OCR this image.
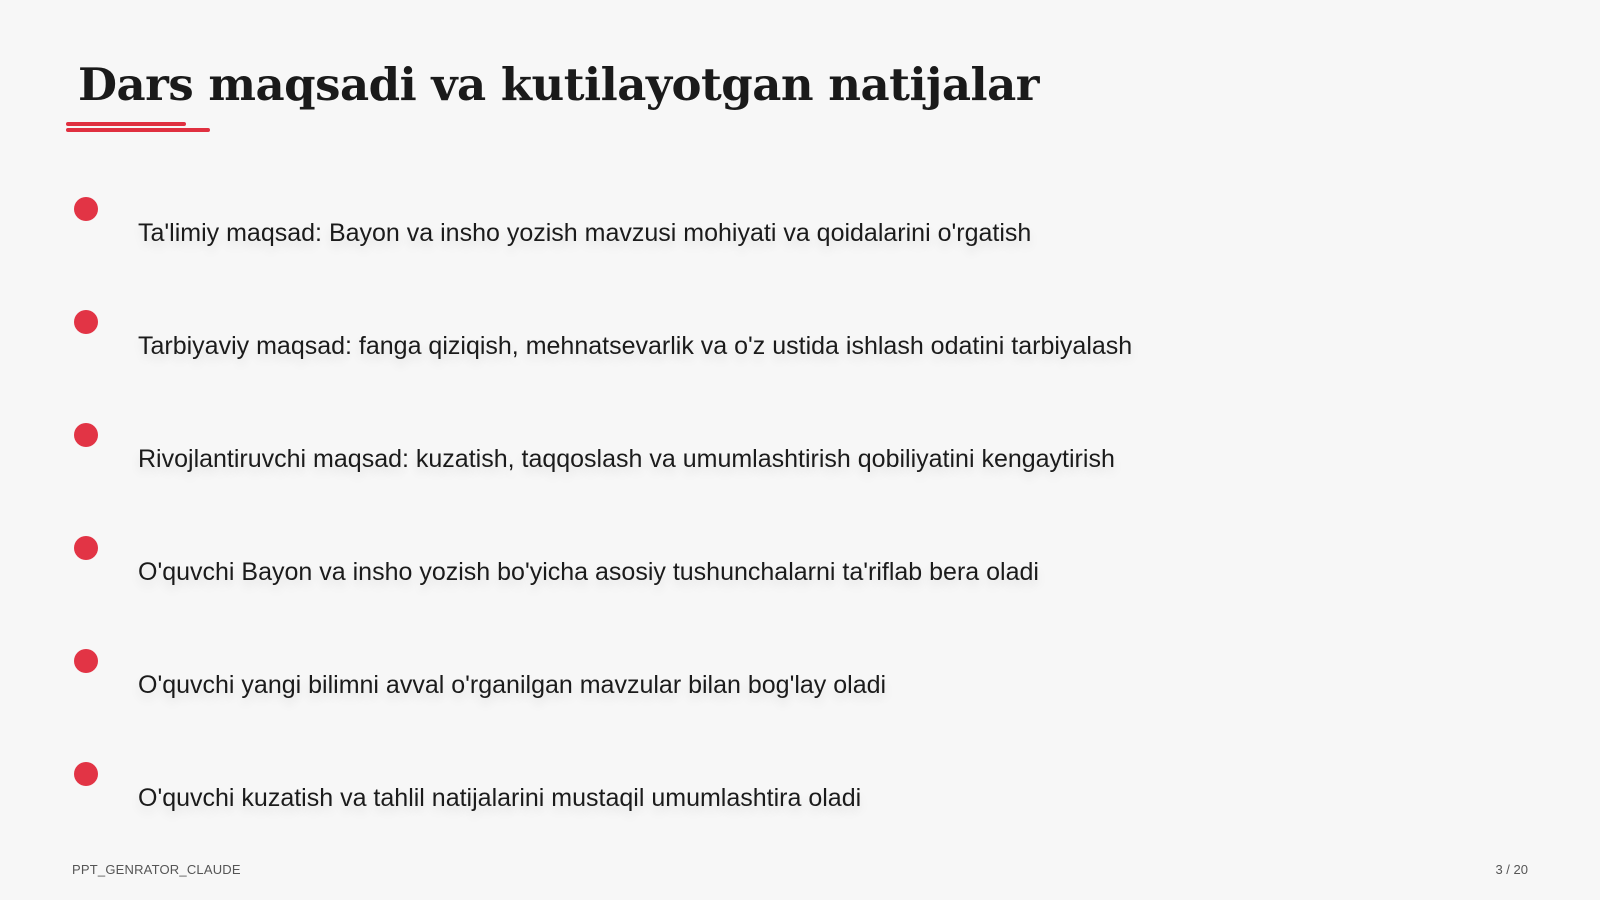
Dars maqsadi va kutilayotgan natijalar
Ta'limiy maqsad: Bayon va insho yozish mavzusi mohiyati va qoidalarini o'rgatish
Tarbiyaviy maqsad: fanga qiziqish, mehnatsevarlik va o'z ustida ishlash odatini tarbiyalash
Rivojlantiruvchi maqsad: kuzatish, taqqoslash va umumlashtirish qobiliyatini kengaytirish
O'quvchi Bayon va insho yozish bo'yicha asosiy tushunchalarni ta'riflab bera oladi
O'quvchi yangi bilimni avval o'rganilgan mavzular bilan bog'lay oladi
O'quvchi kuzatish va tahlil natijalarini mustaqil umumlashtira oladi
PPT_GENRATOR_CLAUDE	3 / 20
